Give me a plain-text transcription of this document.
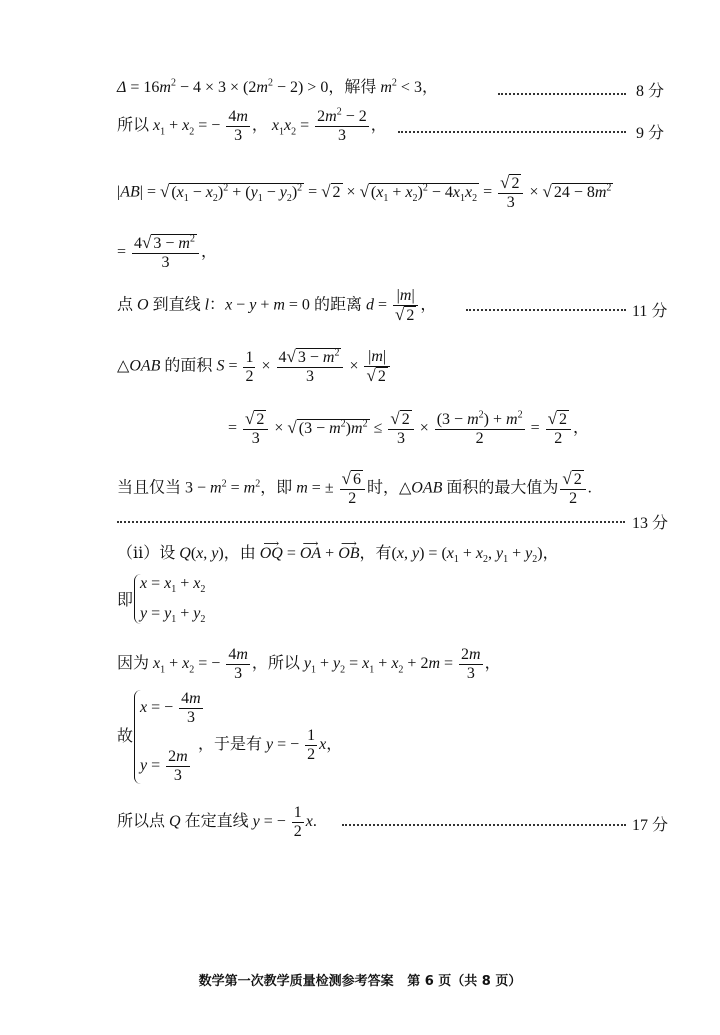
$\Delta = 16m^2 - 4 \times 3 \times (2m^2 - 2) > 0$，解得 $m^2 < 3$，	8 分
所以 $x_1 + x_2$ = − $\frac{4m}{3}$ ， $x_1x_2 = \frac{2m^2 - 2}{3}$ ，	9 分
|AB| = √ $(x_1 - x_2)^2 + (y_1 - y_2)^2$ = √ 2 × √ $(x_1 + x_2)^2 - 4x_1x_2 = \frac{√ 2}{3}$ × √ $24 - 8m^2$
= $\frac{4√ 3 - m^2}{3}$ ，
点 O 到直线 l：x − y + m = 0 的距离 $d = \frac{|m|}{√ 2}$ ，	11 分
△OAB 的面积 $S = \frac{1}{2} \times \frac{4√ 3 - m^2}{3} \times \frac{|m|}{√ 2}$
= $\frac{√ 2}{3}$ × √ $(3 - m^2)m^2 \le \frac{√ 2}{3} \times \frac{(3 - m^2) + m^2}{2} = \frac{√ 2}{2}$ ，
当且仅当 $3 - m^2 = m^2$，即 m = ± $\frac{√ 6}{2}$ 时，△OAB 面积的最大值为 $\frac{√ 2}{2}$ .
13 分
（ⅱ）设 Q(x, y)，由 ⟶ OQ = ⟶ OA + ⟶ OB，有(x, $y) = (x_1 + x_2$, $y_1 + y_2$)，
即
$x = x_1 + x_2$
$y = y_1 + y_2$
因为 $x_1 + x_2$ = − $\frac{4m}{3}$ ，所以 $y_1 + y_2 = x_1 + x_2 + 2m = \frac{2m}{3}$ ，
故
x = − $\frac{4m}{3}$
$y = \frac{2m}{3}$
，于是有 y = − $\frac{1}{2}$ x，
所以点 Q 在定直线 y = − $\frac{1}{2} x$.	17 分
数学第一次教学质量检测参考答案 第 6 页（共 8 页）
